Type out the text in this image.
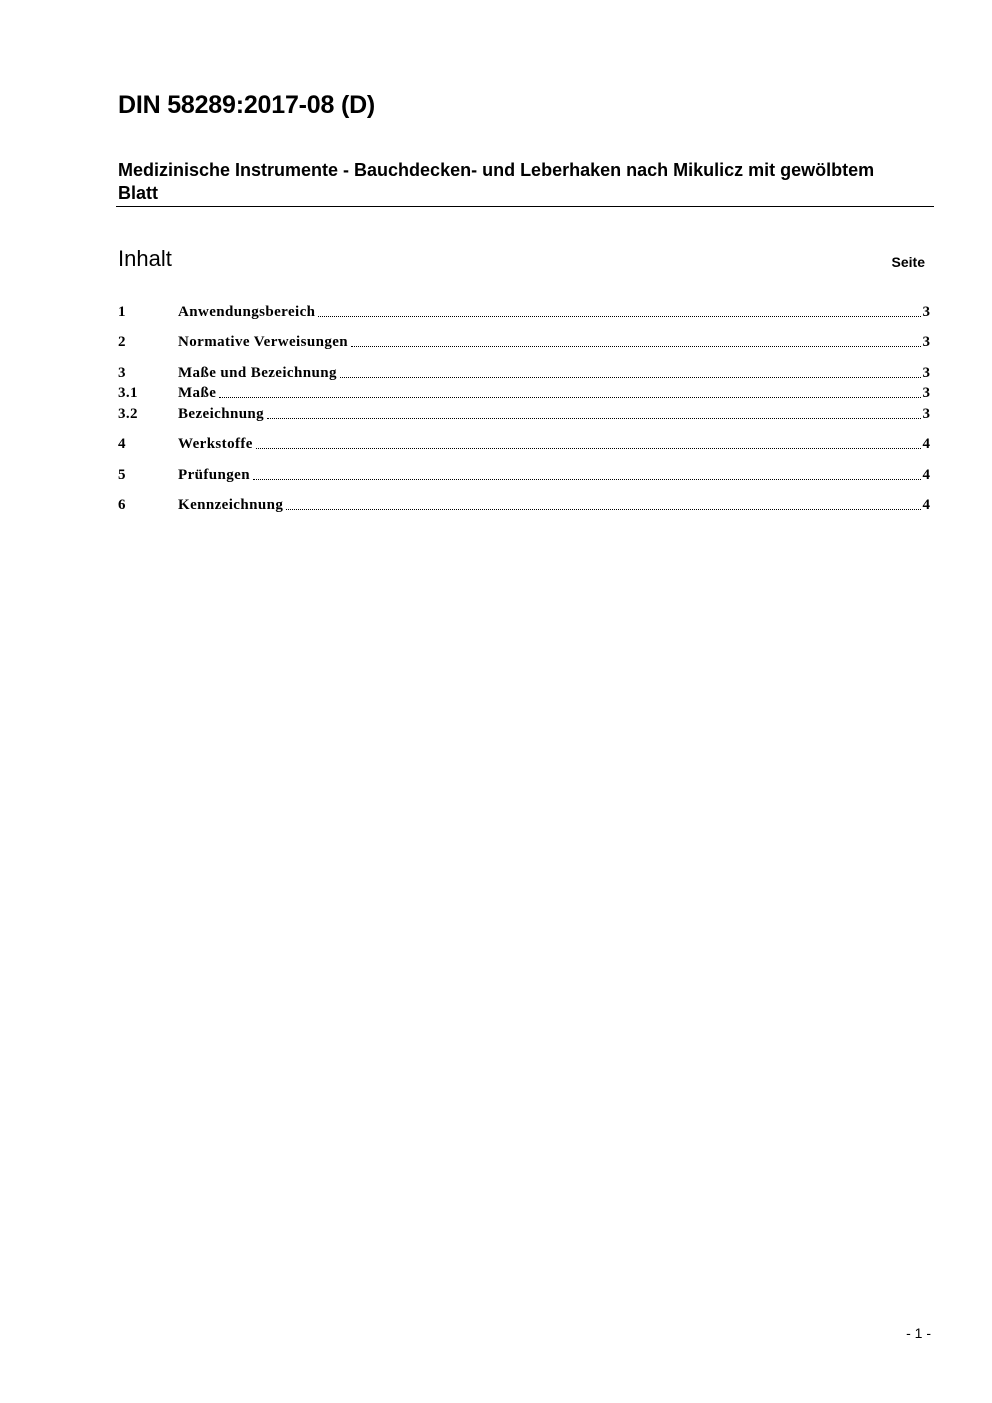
DIN 58289:2017-08 (D)
Medizinische Instrumente - Bauchdecken- und Leberhaken nach Mikulicz mit gewölbtem Blatt
Inhalt	Seite
1	Anwendungsbereich	3
2	Normative Verweisungen	3
3	Maße und Bezeichnung	3
3.1	Maße	3
3.2	Bezeichnung	3
4	Werkstoffe	4
5	Prüfungen	4
6	Kennzeichnung	4
- 1 -
